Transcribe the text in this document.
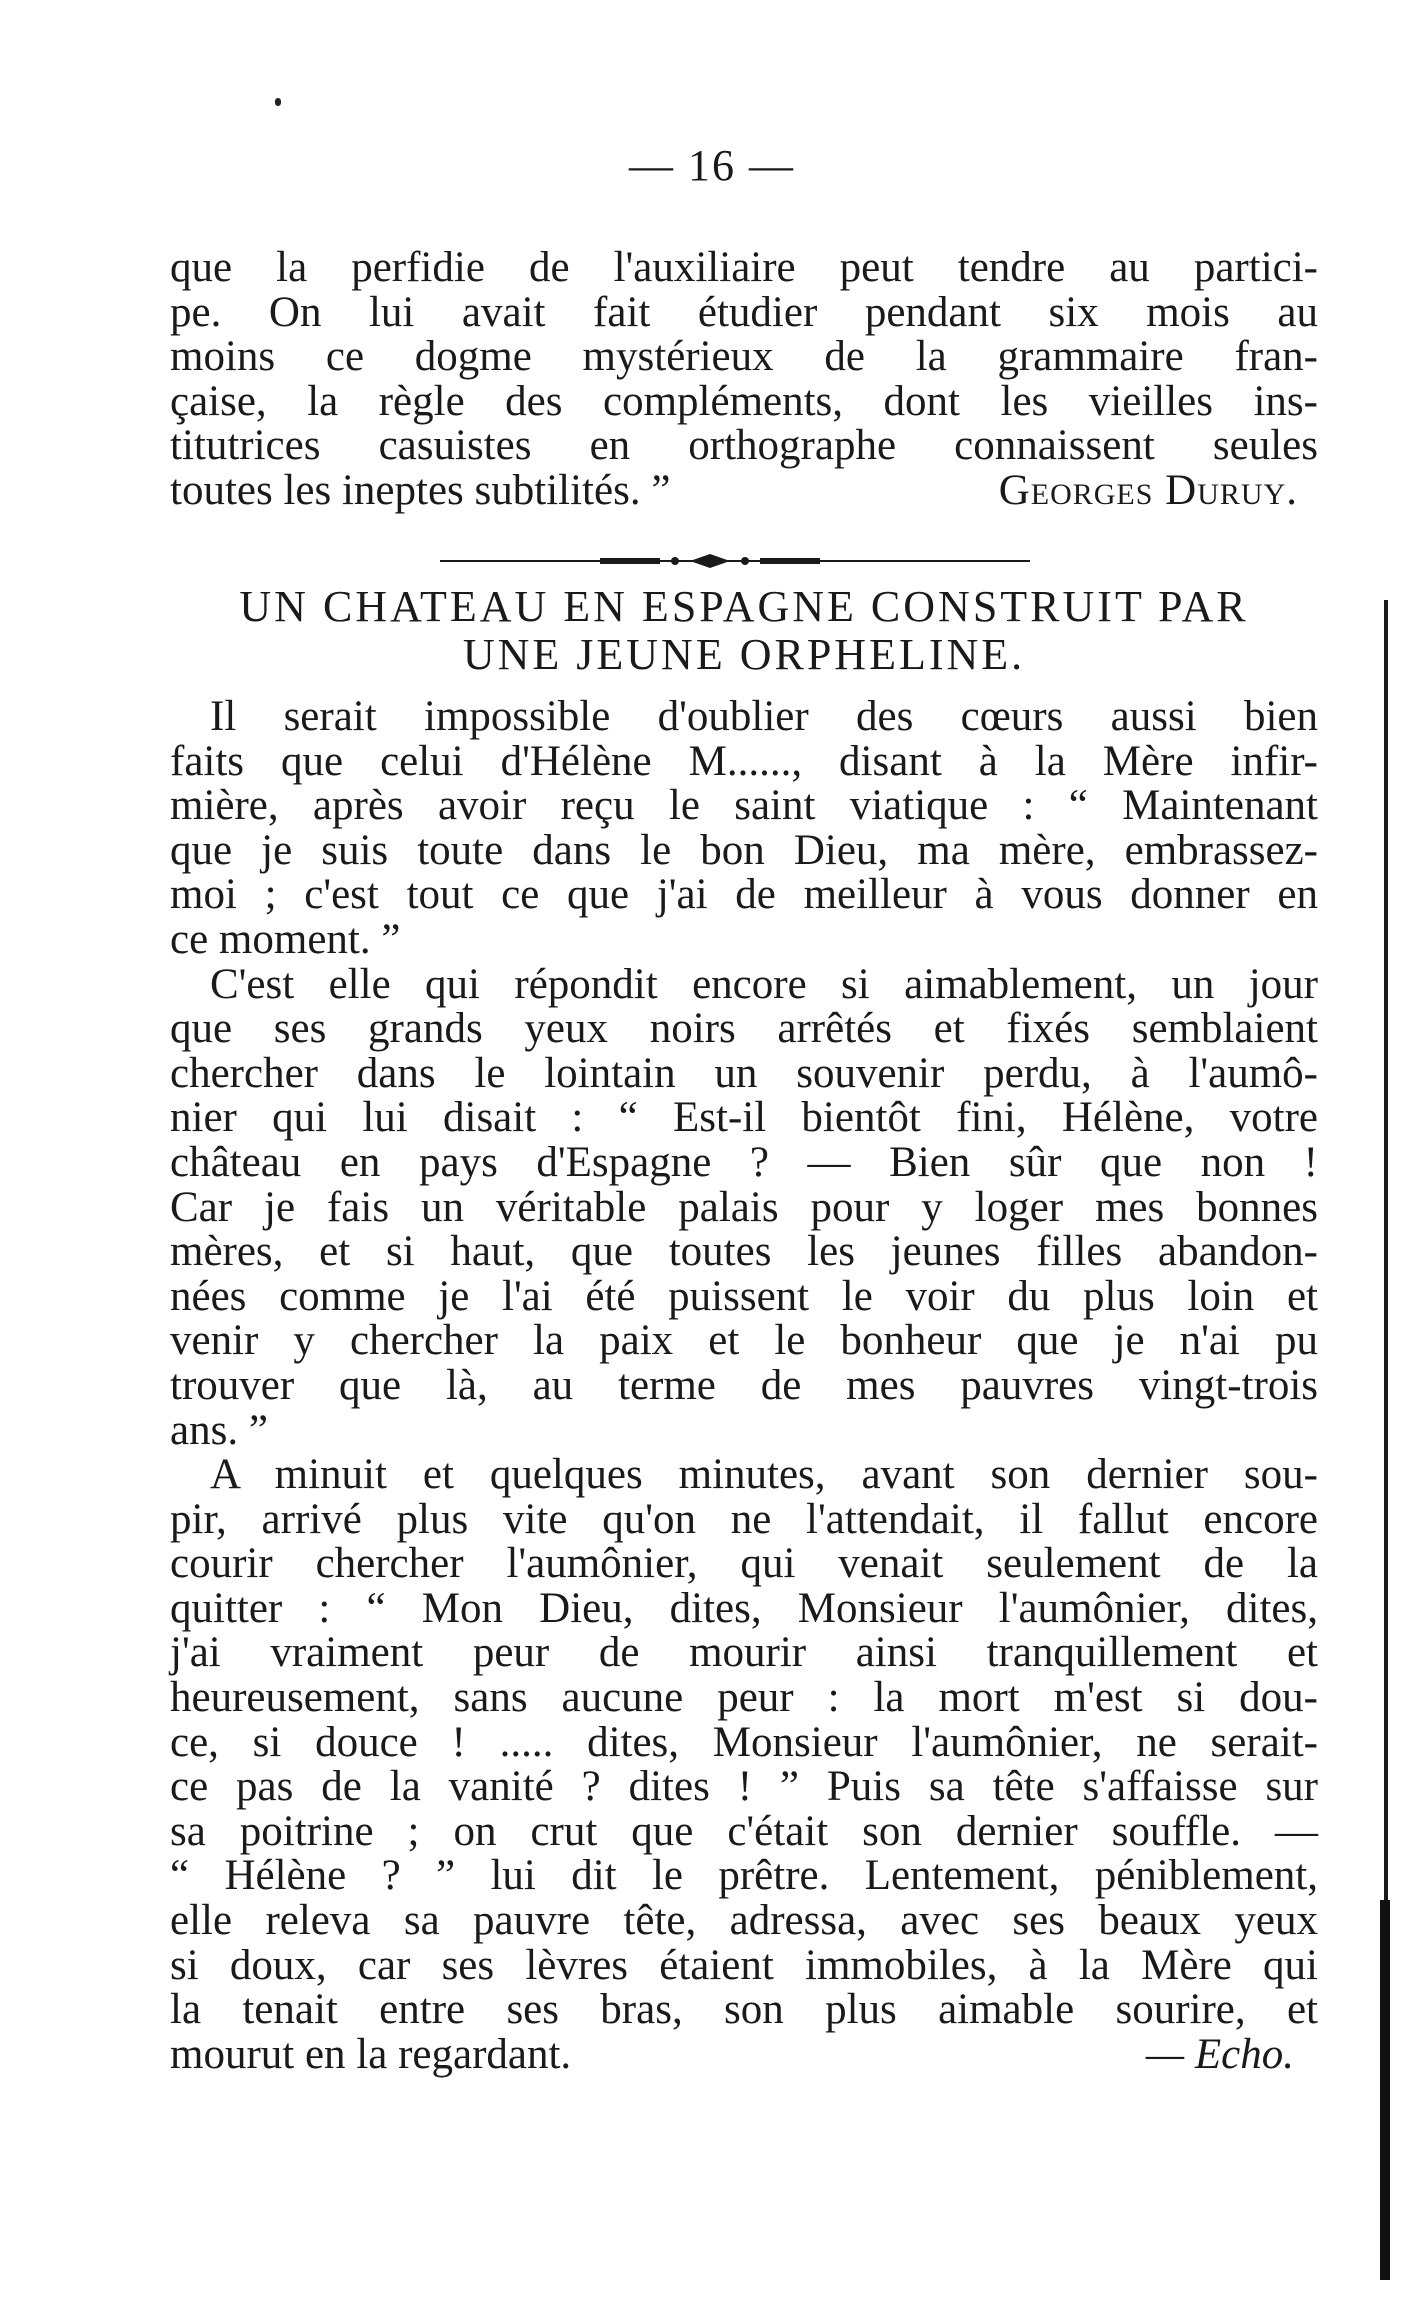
— 16 —
que la perfidie de l'auxiliaire peut tendre au partici-
pe. On lui avait fait étudier pendant six mois au
moins ce dogme mystérieux de la grammaire fran-
çaise, la règle des compléments, dont les vieilles ins-
titutrices casuistes en orthographe connaissent seules
toutes les ineptes subtilités. ”	Georges Duruy.
UN CHATEAU EN ESPAGNE CONSTRUIT PAR
UNE JEUNE ORPHELINE.
Il serait impossible d'oublier des cœurs aussi bien
faits que celui d'Hélène M......, disant à la Mère infir-
mière, après avoir reçu le saint viatique : “ Maintenant
que je suis toute dans le bon Dieu, ma mère, embrassez-
moi ; c'est tout ce que j'ai de meilleur à vous donner en
ce moment. ”
C'est elle qui répondit encore si aimablement, un jour
que ses grands yeux noirs arrêtés et fixés semblaient
chercher dans le lointain un souvenir perdu, à l'aumô-
nier qui lui disait : “ Est-il bientôt fini, Hélène, votre
château en pays d'Espagne ? — Bien sûr que non !
Car je fais un véritable palais pour y loger mes bonnes
mères, et si haut, que toutes les jeunes filles abandon-
nées comme je l'ai été puissent le voir du plus loin et
venir y chercher la paix et le bonheur que je n'ai pu
trouver que là, au terme de mes pauvres vingt-trois
ans. ”
A minuit et quelques minutes, avant son dernier sou-
pir, arrivé plus vite qu'on ne l'attendait, il fallut encore
courir chercher l'aumônier, qui venait seulement de la
quitter : “ Mon Dieu, dites, Monsieur l'aumônier, dites,
j'ai vraiment peur de mourir ainsi tranquillement et
heureusement, sans aucune peur : la mort m'est si dou-
ce, si douce ! ..... dites, Monsieur l'aumônier, ne serait-
ce pas de la vanité ? dites ! ” Puis sa tête s'affaisse sur
sa poitrine ; on crut que c'était son dernier souffle. —
“ Hélène ? ” lui dit le prêtre. Lentement, péniblement,
elle releva sa pauvre tête, adressa, avec ses beaux yeux
si doux, car ses lèvres étaient immobiles, à la Mère qui
la tenait entre ses bras, son plus aimable sourire, et
mourut en la regardant.	— Echo.
